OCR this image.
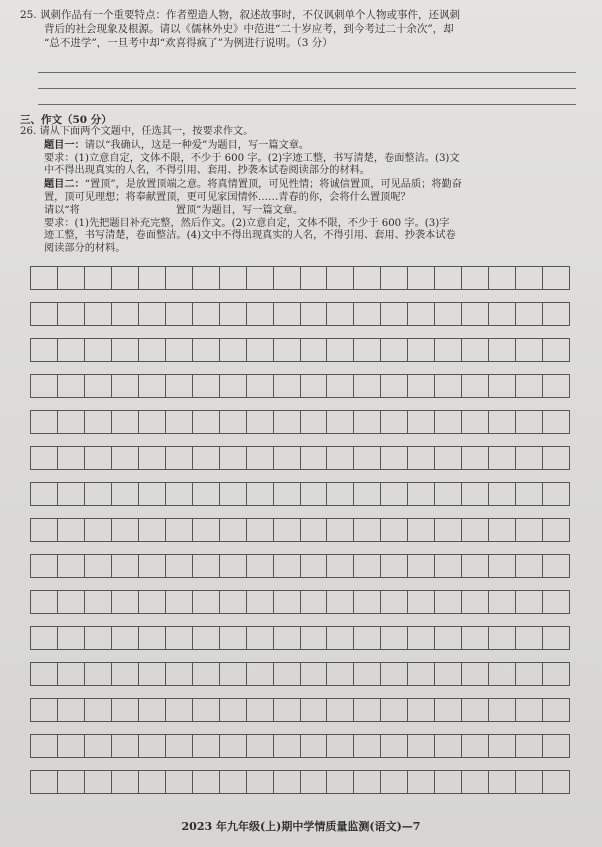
25. 讽刺作品有一个重要特点：作者塑造人物，叙述故事时，不仅讽刺单个人物或事件，还讽刺
背后的社会现象及根源。请以《儒林外史》中范进“二十岁应考，到今考过二十余次”，却
“总不进学”，一旦考中却“欢喜得疯了”为例进行说明。（3 分）
三、作文（50 分）
26. 请从下面两个文题中，任选其一，按要求作文。
题目一：请以“我确认，这是一种爱”为题目，写一篇文章。
要求：(1)立意自定，文体不限，不少于 600 字。(2)字迹工整，书写清楚，卷面整洁。(3)文
中不得出现真实的人名，不得引用、套用、抄袭本试卷阅读部分的材料。
题目二：“置顶”，是放置顶端之意。将真情置顶，可见性情；将诚信置顶，可见品质；将勤奋
置，顶可见理想；将奉献置顶，更可见家国情怀……青春的你，会将什么置顶呢？
请以“将	置顶”为题目，写一篇文章。
要求：(1)先把题目补充完整，然后作文。(2)立意自定，文体不限，不少于 600 字。(3)字
迹工整，书写清楚，卷面整洁。(4)文中不得出现真实的人名，不得引用、套用、抄袭本试卷
阅读部分的材料。
2023 年九年级(上)期中学情质量监测(语文)—7
